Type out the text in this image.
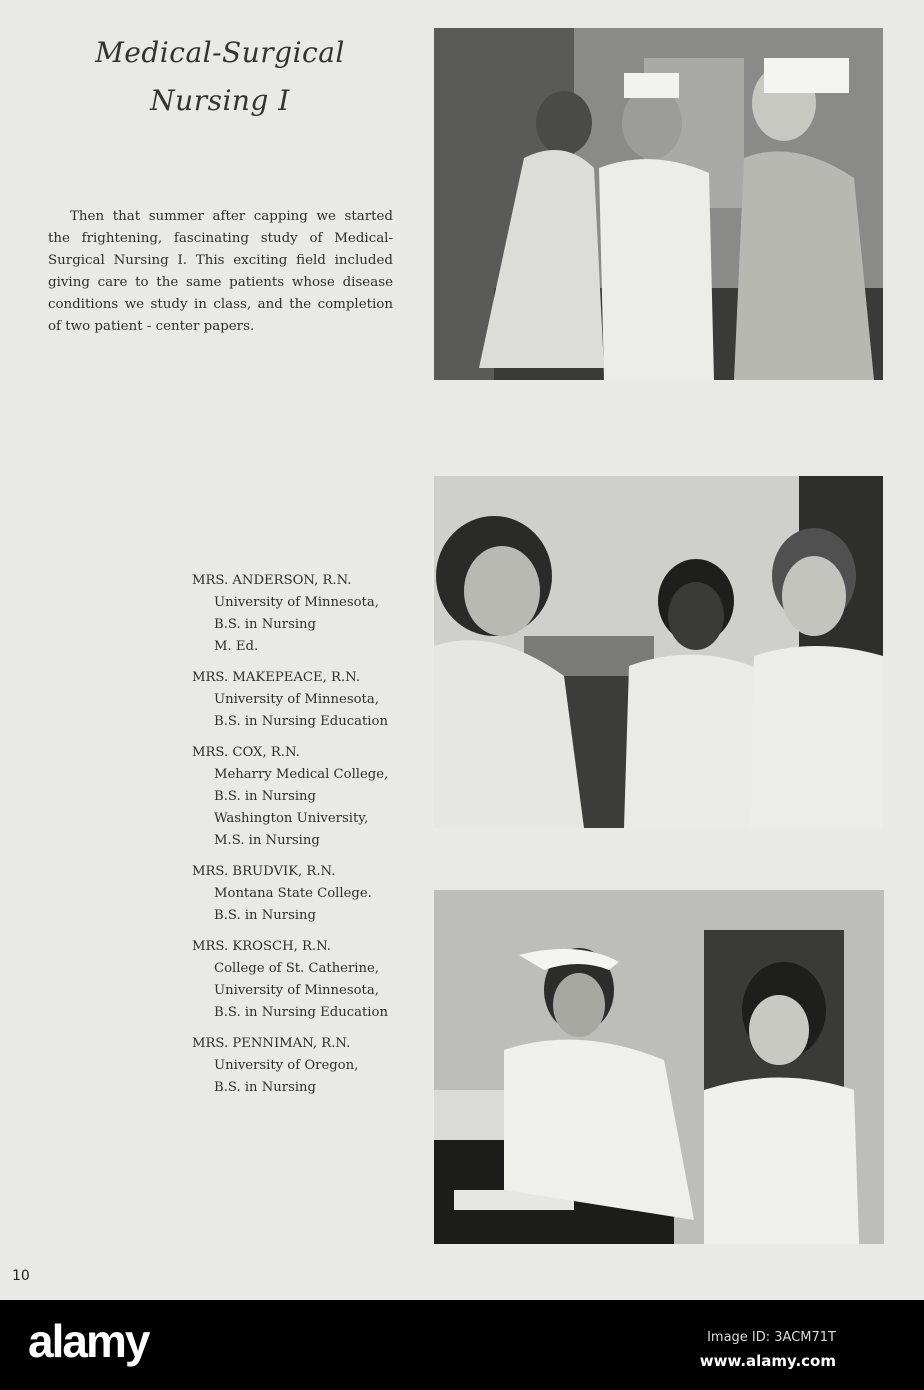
Medical-Surgical
Nursing I
Then that summer after capping we started the frightening, fascinating study of Medical-Surgical Nursing I. This exciting field included giving care to the same patients whose disease conditions we study in class, and the completion of two patient - center papers.
MRS. ANDERSON, R.N.
University of Minnesota,
B.S. in Nursing
M. Ed.
MRS. MAKEPEACE, R.N.
University of Minnesota,
B.S. in Nursing Education
MRS. COX, R.N.
Meharry Medical College,
B.S. in Nursing
Washington University,
M.S. in Nursing
MRS. BRUDVIK, R.N.
Montana State College.
B.S. in Nursing
MRS. KROSCH, R.N.
College of St. Catherine,
University of Minnesota,
B.S. in Nursing Education
MRS. PENNIMAN, R.N.
University of Oregon,
B.S. in Nursing
10
alamy	Image ID: 3ACM71T
www.alamy.com
